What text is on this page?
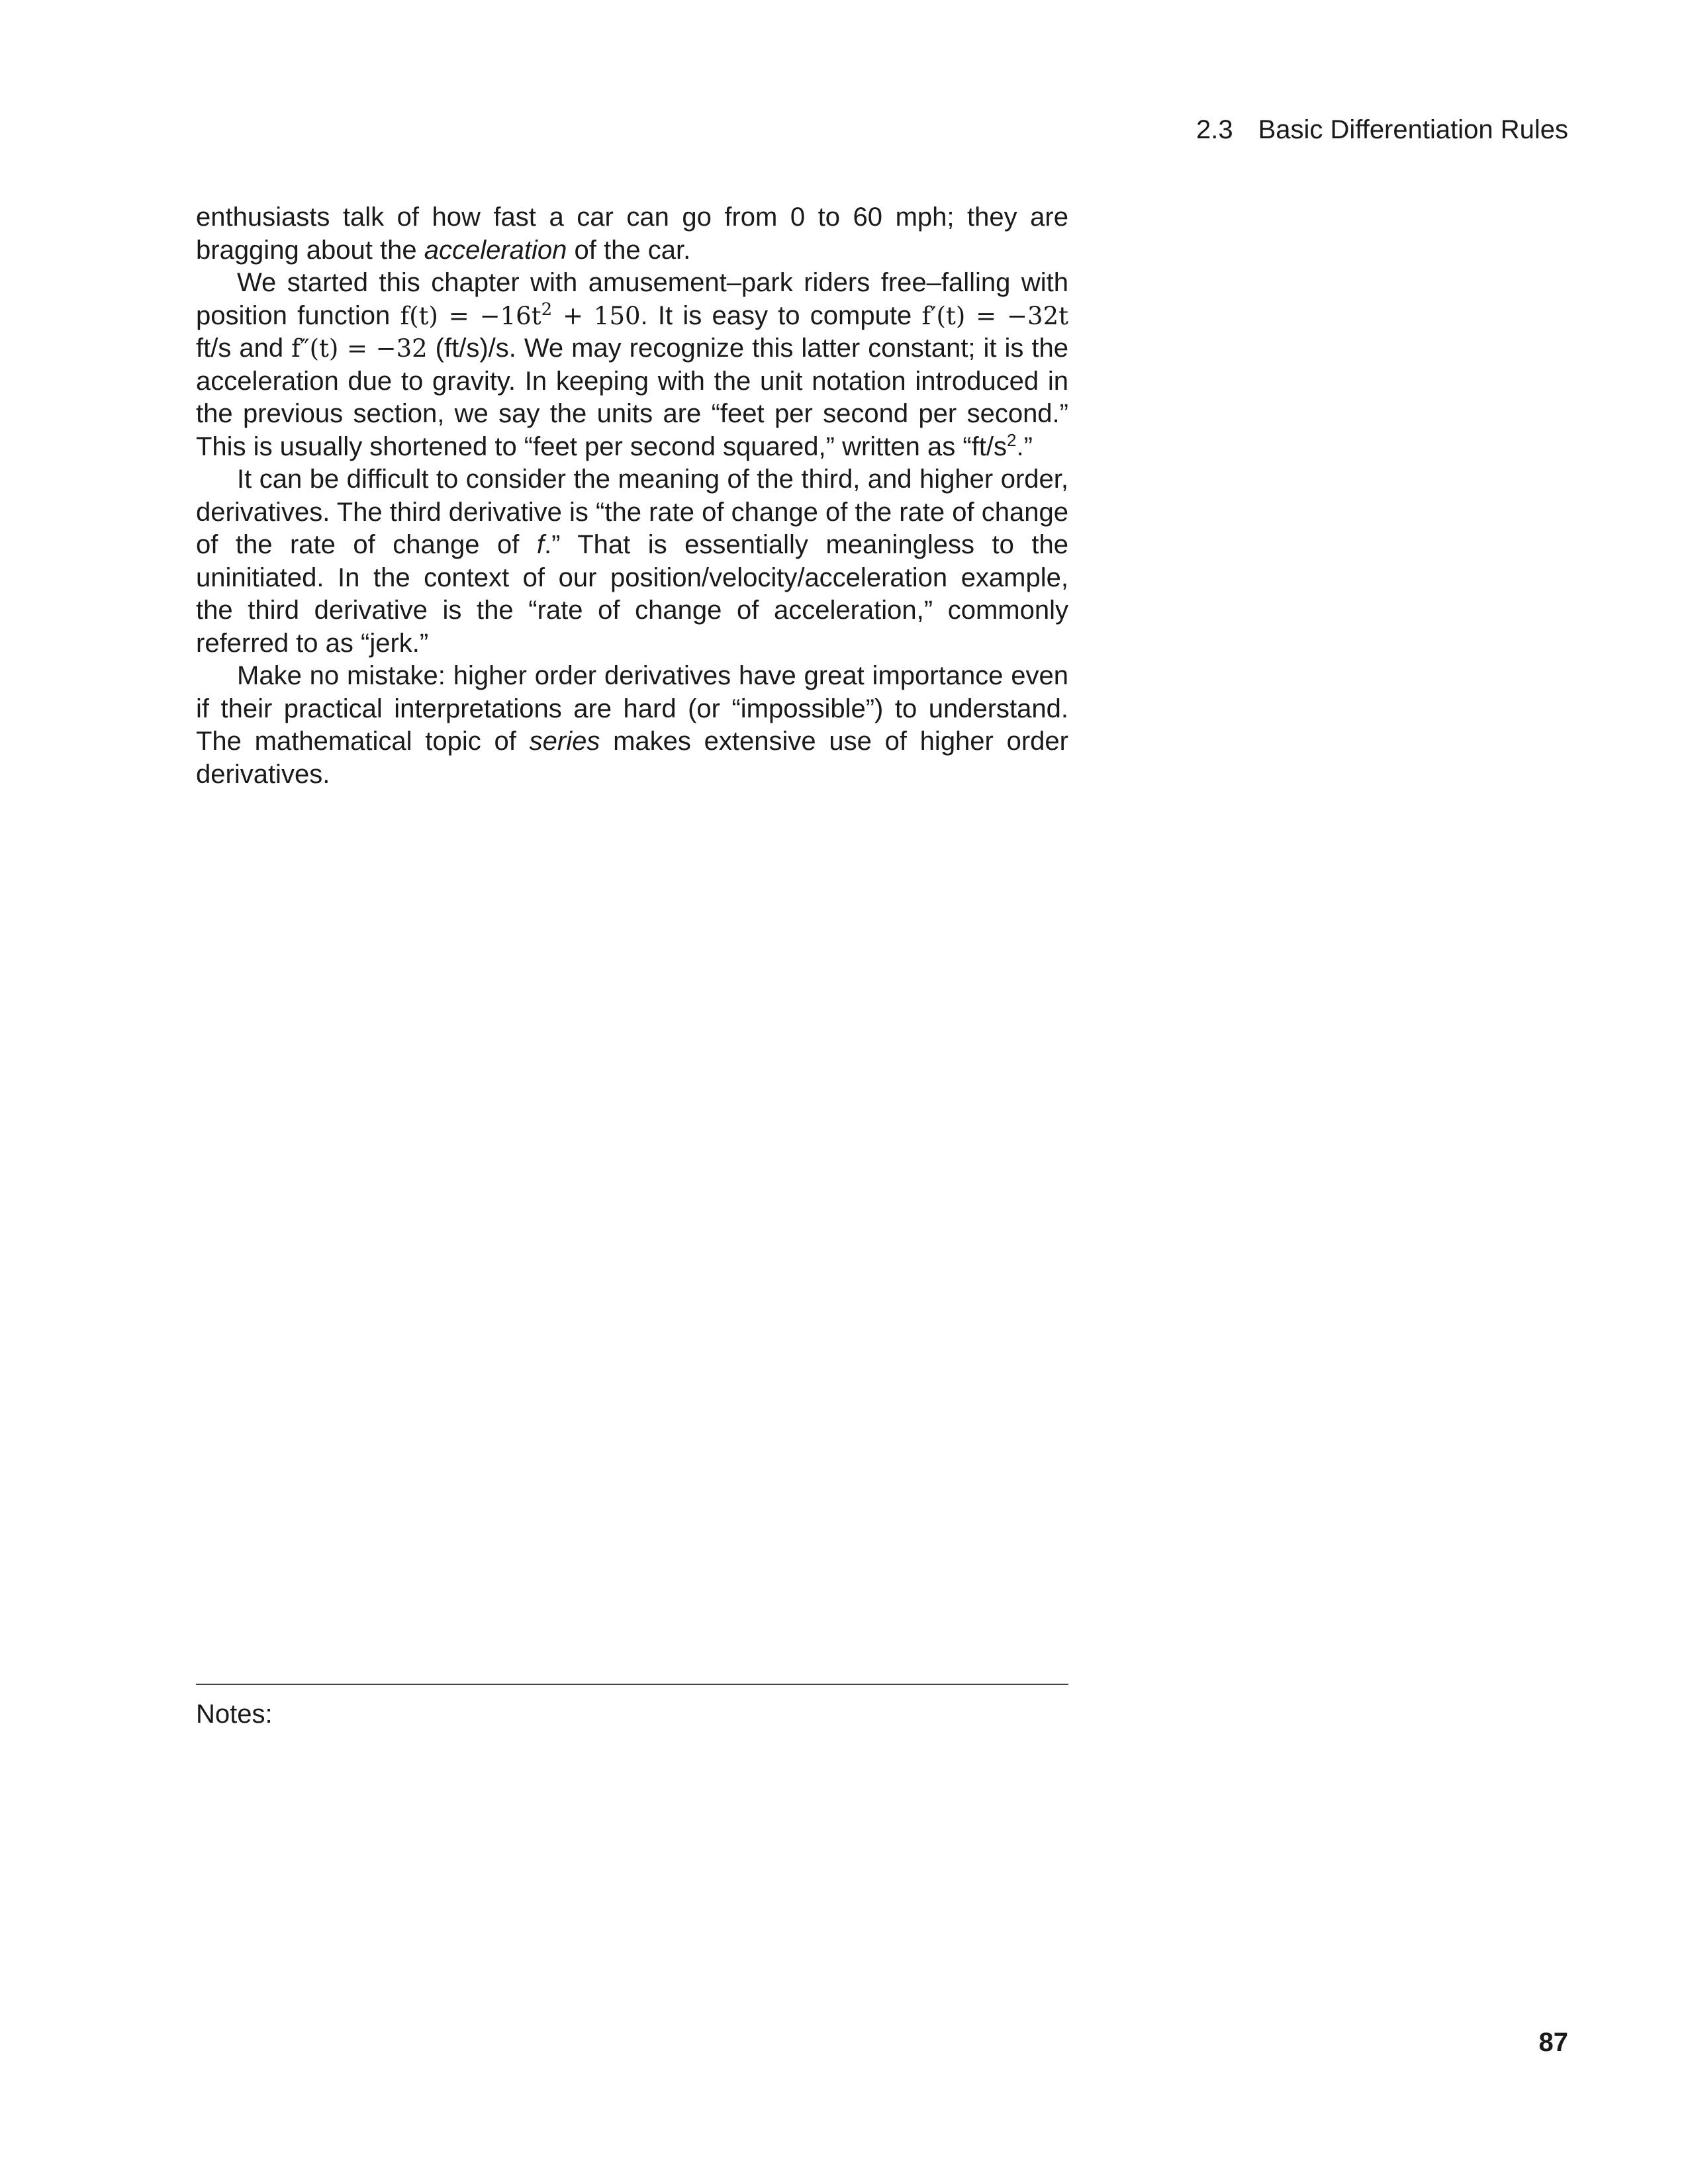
2.3 Basic Differentiation Rules

enthusiasts talk of how fast a car can go from 0 to 60 mph; they are bragging about the acceleration of the car.

We started this chapter with amusement–park riders free–falling with position function $f(t) = -16t^2 + 150$. It is easy to compute f′(t) = −32t ft/s and f″(t) = −32 (ft/s)/s. We may recognize this latter constant; it is the acceleration due to gravity. In keeping with the unit notation introduced in the previous section, we say the units are “feet per second per second.” This is usually shortened to “feet per second squared,” written as “$ft/s^2$.”

It can be difficult to consider the meaning of the third, and higher order, derivatives. The third derivative is “the rate of change of the rate of change of the rate of change of f.” That is essentially meaningless to the uninitiated. In the context of our position/velocity/acceleration example, the third derivative is the “rate of change of acceleration,” commonly referred to as “jerk.”

Make no mistake: higher order derivatives have great importance even if their practical interpretations are hard (or “impossible”) to understand. The mathematical topic of series makes extensive use of higher order derivatives.

Notes:
87
